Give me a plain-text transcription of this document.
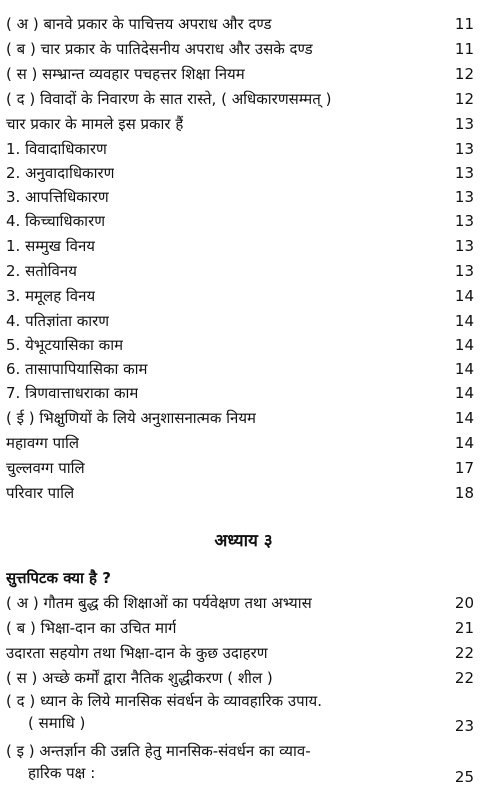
( अ ) बानवे प्रकार के पाचित्तय अपराध और दण्ड	11
( ब ) चार प्रकार के पातिदेसनीय अपराध और उसके दण्ड	11
( स ) सम्भ्रान्त व्यवहार पचहत्तर शिक्षा नियम	12
( द ) विवादों के निवारण के सात रास्ते, ( अधिकारणसम्मत् )	12
चार प्रकार के मामले इस प्रकार हैं	13
1. विवादाधिकारण	13
2. अनुवादाधिकारण	13
3. आपत्तिधिकारण	13
4. किच्चाधिकारण	13
1. सम्मुख विनय	13
2. सतोविनय	13
3. ममूलह विनय	14
4. पतिज्ञांता कारण	14
5. येभूटयासिका काम	14
6. तासापापियासिका काम	14
7. त्रिणवात्ताधराका काम	14
( ई ) भिक्षुणियों के लिये अनुशासनात्मक नियम	14
महावग्ग पालि	14
चुल्लवग्ग पालि	17
परिवार पालि	18
अध्याय ३
सुत्तपिटक क्या है ?
( अ ) गौतम बुद्ध की शिक्षाओं का पर्यवेक्षण तथा अभ्यास	20
( ब ) भिक्षा-दान का उचित मार्ग	21
उदारता सहयोग तथा भिक्षा-दान के कुछ उदाहरण	22
( स ) अच्छे कर्मों द्वारा नैतिक शुद्धीकरण ( शील )	22
( द ) ध्यान के लिये मानसिक संवर्धन के व्यावहारिक उपाय.
( समाधि )	23
( इ ) अन्तर्ज्ञान की उन्नति हेतु मानसिक-संवर्धन का व्याव-
हारिक पक्ष :	25
